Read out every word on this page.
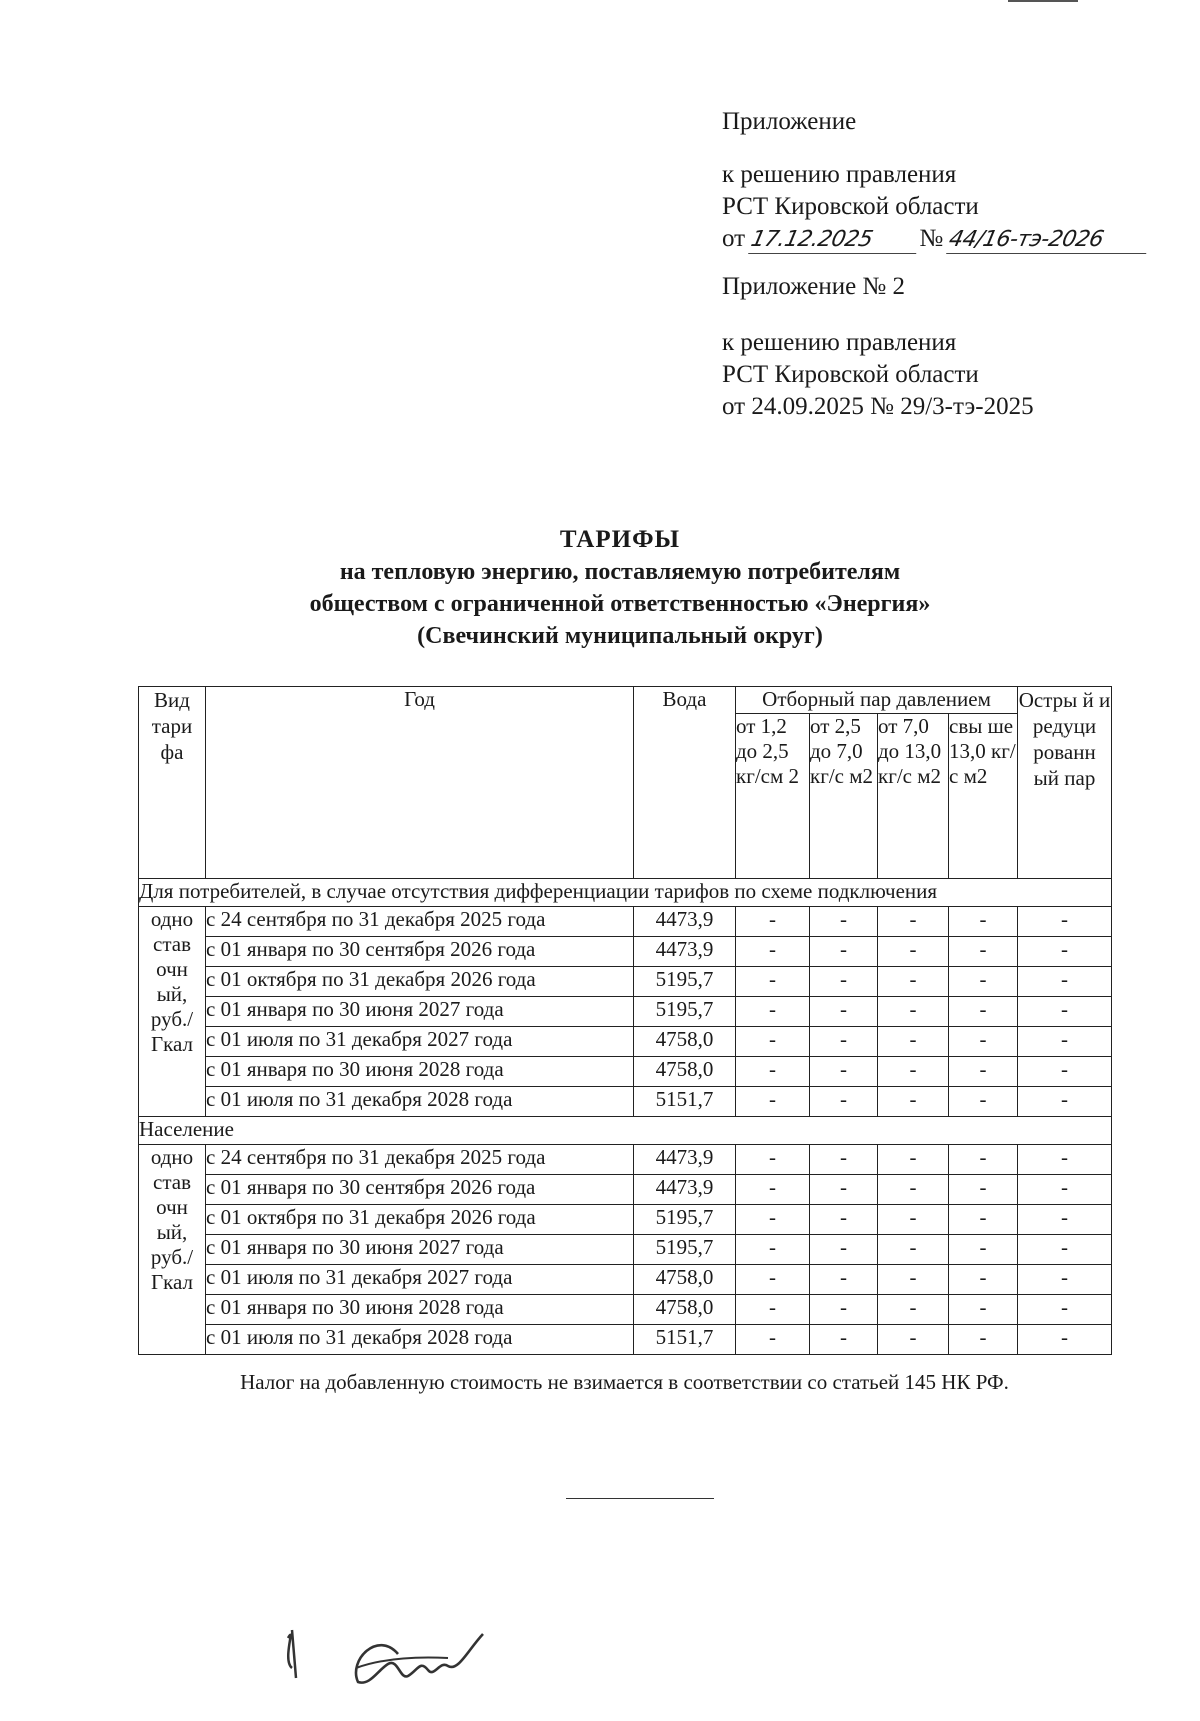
Приложение
к решению правления
РСТ Кировской области
от 17.12.2025 № 44/16-тэ-2026
Приложение № 2
к решению правления
РСТ Кировской области
от 24.09.2025 № 29/3-тэ-2025
ТАРИФЫ
на тепловую энергию, поставляемую потребителям
обществом с ограниченной ответственностью «Энергия»
(Свечинский муниципальный округ)
Вид тари фа	Год	Вода	Отборный пар давлением				Остры й и редуци рованн ый пар
			от 1,2 до 2,5 кг/см 2	от 2,5 до 7,0 кг/с м2	от 7,0 до 13,0 кг/с м2	свы ше 13,0 кг/с м2	
Для потребителей, в случае отсутствия дифференциации тарифов по схеме подключения							
одно став очн ый, руб./ Гкал	с 24 сентября по 31 декабря 2025 года	4473,9	-	-	-	-	-
	с 01 января по 30 сентября 2026 года	4473,9	-	-	-	-	-
	с 01 октября по 31 декабря 2026 года	5195,7	-	-	-	-	-
	с 01 января по 30 июня 2027 года	5195,7	-	-	-	-	-
	с 01 июля по 31 декабря 2027 года	4758,0	-	-	-	-	-
	с 01 января по 30 июня 2028 года	4758,0	-	-	-	-	-
	с 01 июля по 31 декабря 2028 года	5151,7	-	-	-	-	-
Население							
одно став очн ый, руб./ Гкал	с 24 сентября по 31 декабря 2025 года	4473,9	-	-	-	-	-
	с 01 января по 30 сентября 2026 года	4473,9	-	-	-	-	-
	с 01 октября по 31 декабря 2026 года	5195,7	-	-	-	-	-
	с 01 января по 30 июня 2027 года	5195,7	-	-	-	-	-
	с 01 июля по 31 декабря 2027 года	4758,0	-	-	-	-	-
	с 01 января по 30 июня 2028 года	4758,0	-	-	-	-	-
	с 01 июля по 31 декабря 2028 года	5151,7	-	-	-	-	-
Налог на добавленную стоимость не взимается в соответствии со статьей 145 НК РФ.
